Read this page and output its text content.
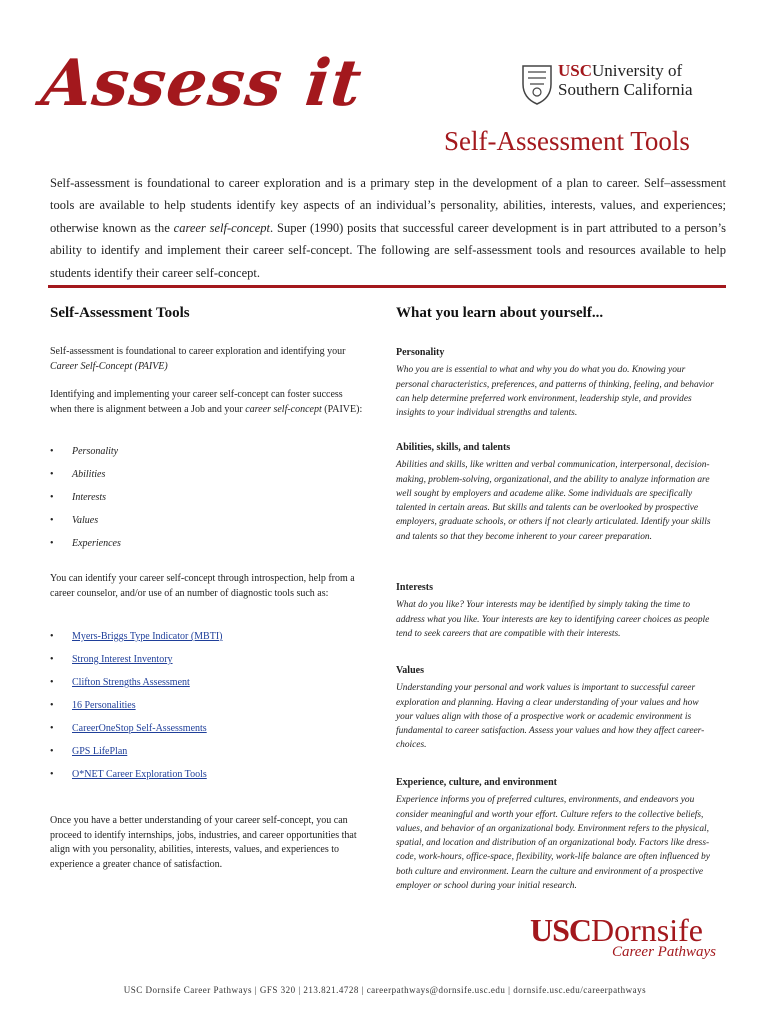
Assess it	USCUniversity of
Southern California
Self-Assessment Tools
Self-assessment is foundational to career exploration and is a primary step in the development of a plan to career. Self–assessment tools are available to help students identify key aspects of an individual’s personality, abilities, interests, values, and experiences; otherwise known as the career self-concept. Super (1990) posits that successful career development is in part attributed to a person’s ability to identify and implement their career self-concept. The following are self-assessment tools and resources available to help students identify their career self-concept.
Self-Assessment Tools	What you learn about yourself...

Self-assessment is foundational to career exploration and identifying your Career Self-Concept (PAIVE)

Identifying and implementing your career self-concept can foster success when there is alignment between a Job and your career self-concept (PAIVE):

• Personality
• Abilities
• Interests
• Values
• Experiences
You can identify your career self-concept through introspection, help from a career counselor, and/or use of an number of diagnostic tools such as:
• Myers-Briggs Type Indicator (MBTI)
• Strong Interest Inventory
• Clifton Strengths Assessment
• 16 Personalities
• CareerOneStop Self-Assessments
• GPS LifePlan
• O*NET Career Exploration Tools
Once you have a better understanding of your career self-concept, you can proceed to identify internships, jobs, industries, and career opportunities that align with you personality, abilities, interests, values, and experiences to experience a greater chance of satisfaction.
Personality
Who you are is essential to what and why you do what you do. Knowing your personal characteristics, preferences, and patterns of thinking, feeling, and behavior can help determine preferred work environment, leadership style, and provides insights to your individual strengths and talents.
Abilities, skills, and talents
Abilities and skills, like written and verbal communication, interpersonal, decision-making, problem-solving, organizational, and the ability to analyze information are well sought by employers and academe alike. Some individuals are specifically talented in certain areas. But skills and talents can be overlooked by prospective employers, graduate schools, or others if not clearly articulated. Identify your skills and talents so that they become inherent to your career preparation.
Interests
What do you like? Your interests may be identified by simply taking the time to address what you like. Your interests are key to identifying career choices as people tend to seek careers that are compatible with their interests.
Values
Understanding your personal and work values is important to successful career exploration and planning. Having a clear understanding of your values and how your values align with those of a prospective work or academic environment is fundamental to career satisfaction. Assess your values and how they affect career-choices.
Experience, culture, and environment
Experience informs you of preferred cultures, environments, and endeavors you consider meaningful and worth your effort. Culture refers to the collective beliefs, values, and behavior of an organizational body. Environment refers to the physical, spatial, and location and distribution of an organizational body. Factors like dress-code, work-hours, office-space, flexibility, work-life balance are often influenced by both culture and environment. Learn the culture and environment of a prospective employer or school during your initial research.
USCDornsife
Career Pathways
USC Dornsife Career Pathways | GFS 320 | 213.821.4728 | careerpathways@dornsife.usc.edu | dornsife.usc.edu/careerpathways
